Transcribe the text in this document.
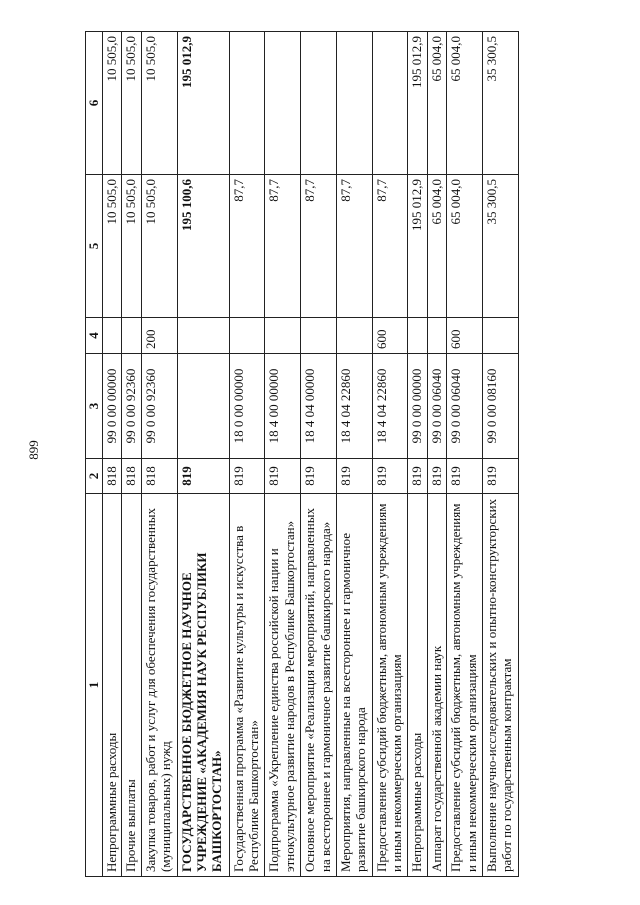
899
1	2	3	4	5	6
Непрограммные расходы	818	99 0 00 00000		10 505,0	10 505,0
Прочие выплаты	818	99 0 00 92360		10 505,0	10 505,0
Закупка товаров, работ и услуг для обеспечения государственных (муниципальных) нужд	818	99 0 00 92360	200	10 505,0	10 505,0
ГОСУДАРСТВЕННОЕ БЮДЖЕТНОЕ НАУЧНОЕ УЧРЕЖДЕНИЕ «АКАДЕМИЯ НАУК РЕСПУБЛИКИ БАШКОРТОСТАН»	819			195 100,6	195 012,9
Государственная программа «Развитие культуры и искусства в Республике Башкортостан»	819	18 0 00 00000		87,7	
Подпрограмма «Укрепление единства российской нации и этнокультурное развитие народов в Республике Башкортостан»	819	18 4 00 00000		87,7	
Основное мероприятие «Реализация мероприятий, направленных на всестороннее и гармоничное развитие башкирского народа»	819	18 4 04 00000		87,7	
Мероприятия, направленные на всестороннее и гармоничное развитие башкирского народа	819	18 4 04 22860		87,7	
Предоставление субсидий бюджетным, автономным учреждениям и иным некоммерческим организациям	819	18 4 04 22860	600	87,7	
Непрограммные расходы	819	99 0 00 00000		195 012,9	195 012,9
Аппарат государственной академии наук	819	99 0 00 06040		65 004,0	65 004,0
Предоставление субсидий бюджетным, автономным учреждениям и иным некоммерческим организациям	819	99 0 00 06040	600	65 004,0	65 004,0
Выполнение научно-исследовательских и опытно-конструкторских работ по государственным контрактам	819	99 0 00 08160		35 300,5	35 300,5
